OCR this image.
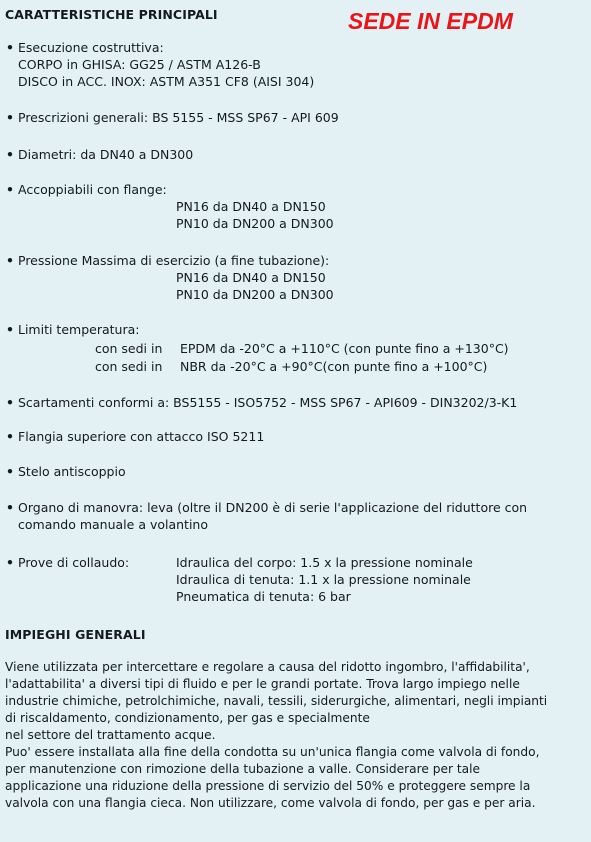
CARATTERISTICHE PRINCIPALI	SEDE IN EPDM
• Esecuzione costruttiva:
CORPO in GHISA: GG25 / ASTM A126-B
DISCO in ACC. INOX: ASTM A351 CF8 (AISI 304)
• Prescrizioni generali: BS 5155 - MSS SP67 - API 609
• Diametri: da DN40 a DN300
• Accoppiabili con flange:
PN16 da DN40 a DN150
PN10 da DN200 a DN300
• Pressione Massima di esercizio (a fine tubazione):
PN16 da DN40 a DN150
PN10 da DN200 a DN300
• Limiti temperatura:
con sedi in EPDM da -20°C a +110°C (con punte fino a +130°C)
con sedi in NBR da -20°C a +90°C(con punte fino a +100°C)
• Scartamenti conformi a: BS5155 - ISO5752 - MSS SP67 - API609 - DIN3202/3-K1
• Flangia superiore con attacco ISO 5211
• Stelo antiscoppio
• Organo di manovra: leva (oltre il DN200 è di serie l'applicazione del riduttore con
comando manuale a volantino
• Prove di collaudo:	Idraulica del corpo: 1.5 x la pressione nominale
Idraulica di tenuta: 1.1 x la pressione nominale
Pneumatica di tenuta: 6 bar
IMPIEGHI GENERALI
Viene utilizzata per intercettare e regolare a causa del ridotto ingombro, l'affidabilita',
l'adattabilita' a diversi tipi di fluido e per le grandi portate. Trova largo impiego nelle
industrie chimiche, petrolchimiche, navali, tessili, siderurgiche, alimentari, negli impianti
di riscaldamento, condizionamento, per gas e specialmente
nel settore del trattamento acque.
Puo' essere installata alla fine della condotta su un'unica flangia come valvola di fondo,
per manutenzione con rimozione della tubazione a valle. Considerare per tale
applicazione una riduzione della pressione di servizio del 50% e proteggere sempre la
valvola con una flangia cieca. Non utilizzare, come valvola di fondo, per gas e per aria.
